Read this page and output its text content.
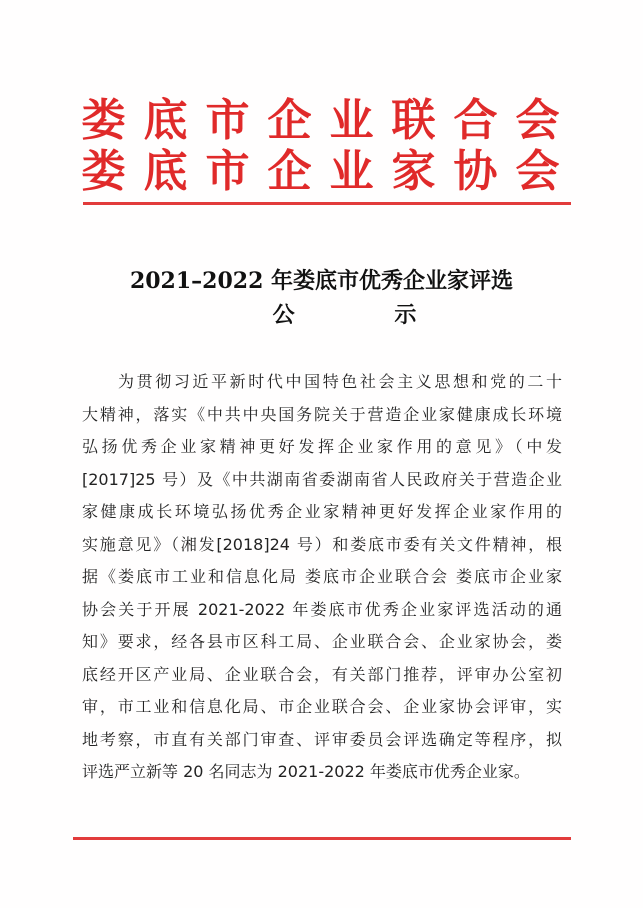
娄底市企业联合会
娄底市企业家协会
2021–2022 年娄底市优秀企业家评选
公 示
为贯彻习近平新时代中国特色社会主义思想和党的二十
大精神，落实《中共中央国务院关于营造企业家健康成长环境
弘扬优秀企业家精神更好发挥企业家作用的意见》（中发
[2017]25 号）及《中共湖南省委湖南省人民政府关于营造企业
家健康成长环境弘扬优秀企业家精神更好发挥企业家作用的
实施意见》（湘发[2018]24 号）和娄底市委有关文件精神，根
据《娄底市工业和信息化局 娄底市企业联合会 娄底市企业家
协会关于开展 2021-2022 年娄底市优秀企业家评选活动的通
知》要求，经各县市区科工局、企业联合会、企业家协会，娄
底经开区产业局、企业联合会，有关部门推荐，评审办公室初
审，市工业和信息化局、市企业联合会、企业家协会评审，实
地考察，市直有关部门审查、评审委员会评选确定等程序，拟
评选严立新等 20 名同志为 2021-2022 年娄底市优秀企业家。
